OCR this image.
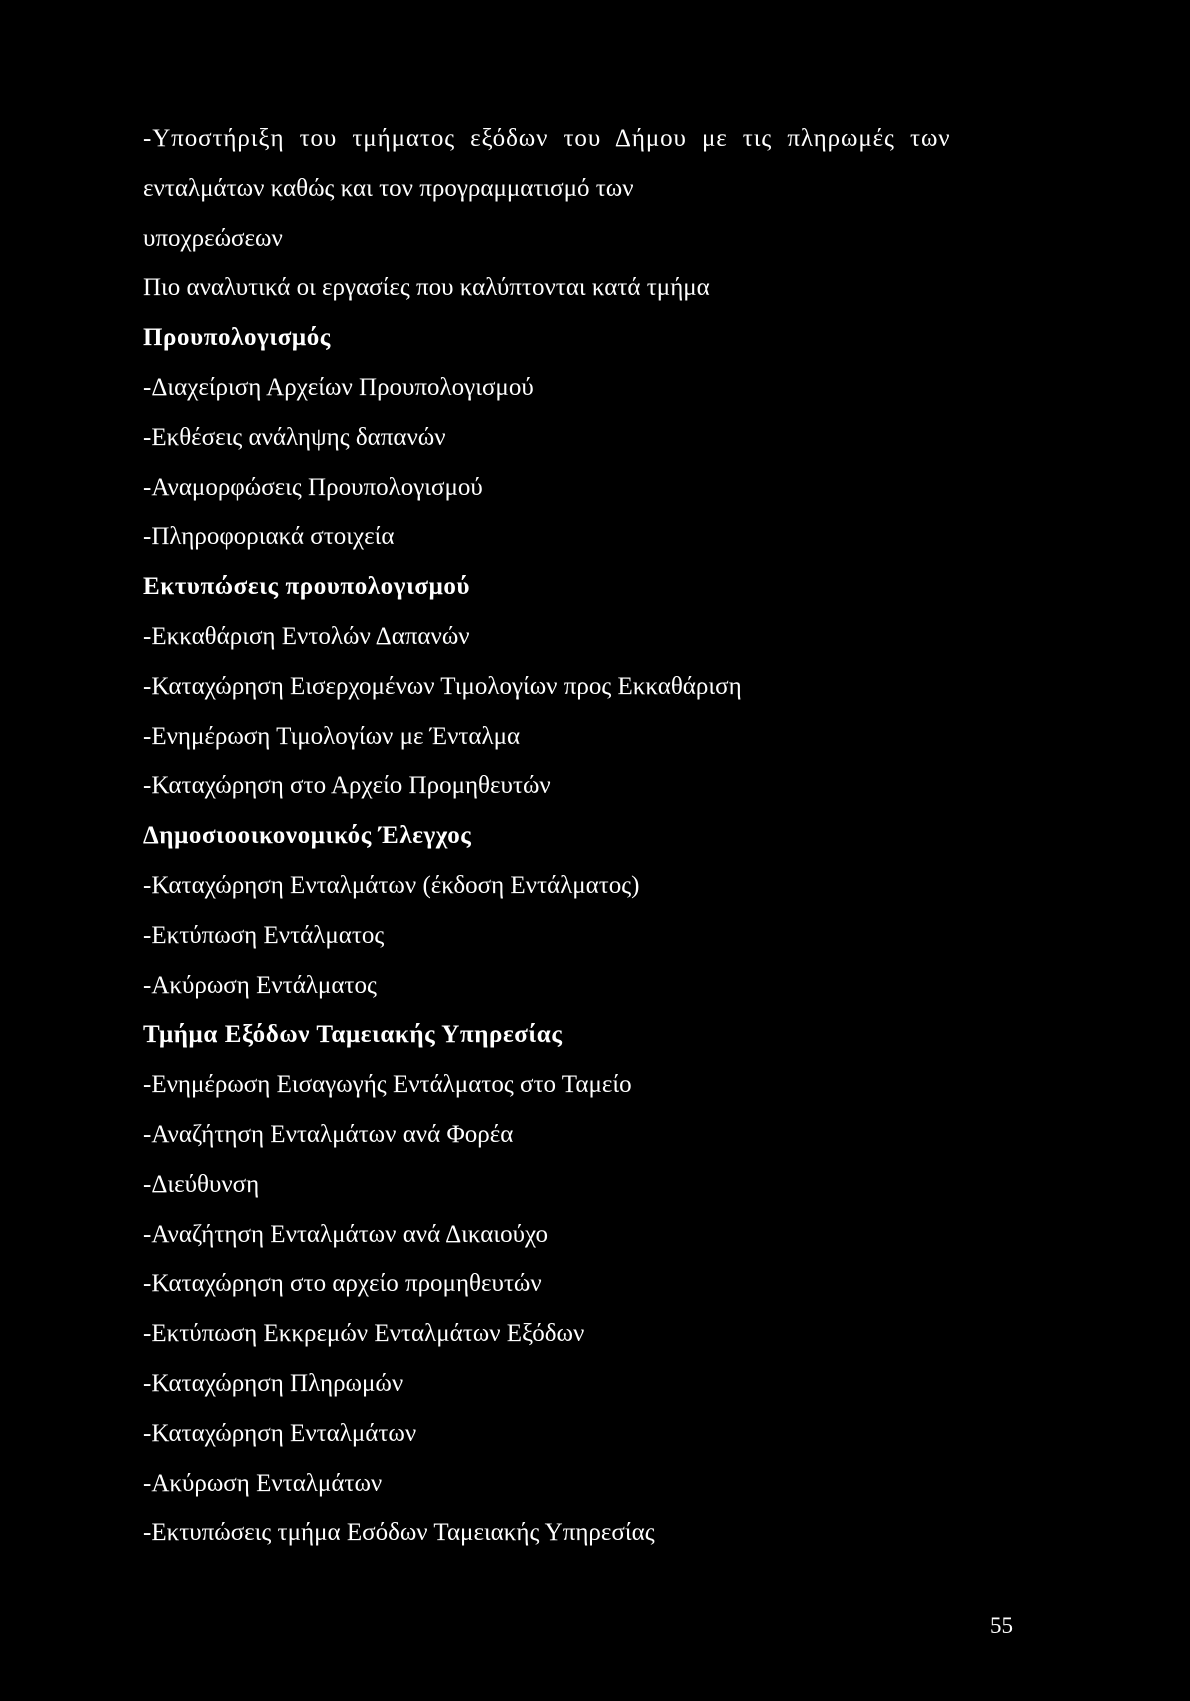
-Υποστήριξη του τμήματος εξόδων του Δήμου με τις πληρωμές των

ενταλμάτων καθώς και τον προγραμματισμό των

υποχρεώσεων

Πιο αναλυτικά οι εργασίες που καλύπτονται κατά τμήμα

Προυπολογισμός

-Διαχείριση Αρχείων Προυπολογισμού

-Εκθέσεις ανάληψης δαπανών

-Αναμορφώσεις Προυπολογισμού

-Πληροφοριακά στοιχεία

Εκτυπώσεις προυπολογισμού

-Εκκαθάριση Εντολών Δαπανών

-Καταχώρηση Εισερχομένων Τιμολογίων προς Εκκαθάριση

-Ενημέρωση Τιμολογίων με Ένταλμα

-Καταχώρηση στο Αρχείο Προμηθευτών

Δημοσιοοικονομικός Έλεγχος

-Καταχώρηση Ενταλμάτων (έκδοση Εντάλματος)

-Εκτύπωση Εντάλματος

-Ακύρωση Εντάλματος

Τμήμα Εξόδων Ταμειακής Υπηρεσίας

-Ενημέρωση Εισαγωγής Εντάλματος στο Ταμείο

-Αναζήτηση Ενταλμάτων ανά Φορέα

-Διεύθυνση

-Αναζήτηση Ενταλμάτων ανά Δικαιούχο

-Καταχώρηση στο αρχείο προμηθευτών

-Εκτύπωση Εκκρεμών Ενταλμάτων Εξόδων

-Καταχώρηση Πληρωμών

-Καταχώρηση Ενταλμάτων

-Ακύρωση Ενταλμάτων

-Εκτυπώσεις τμήμα Εσόδων Ταμειακής Υπηρεσίας

55
